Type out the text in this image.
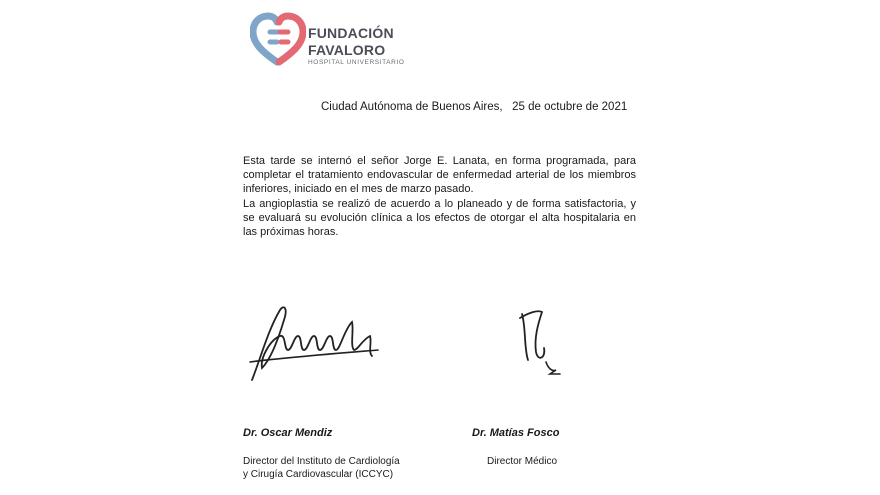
FUNDACIÓN
FAVALORO
HOSPITAL UNIVERSITARIO
Ciudad Autónoma de Buenos Aires,   25 de octubre de 2021

Esta tarde se internó el señor Jorge E. Lanata, en forma programada, para completar el tratamiento endovascular de enfermedad arterial de los miembros inferiores, iniciado en el mes de marzo pasado.

La angioplastia se realizó de acuerdo a lo planeado y de forma satisfactoria, y se evaluará su evolución clínica a los efectos de otorgar el alta hospitalaria en las próximas horas.

Dr. Oscar Mendiz
Director del Instituto de Cardiología
y Cirugía Cardiovascular (ICCYC)
Dr. Matías Fosco
Director Médico
